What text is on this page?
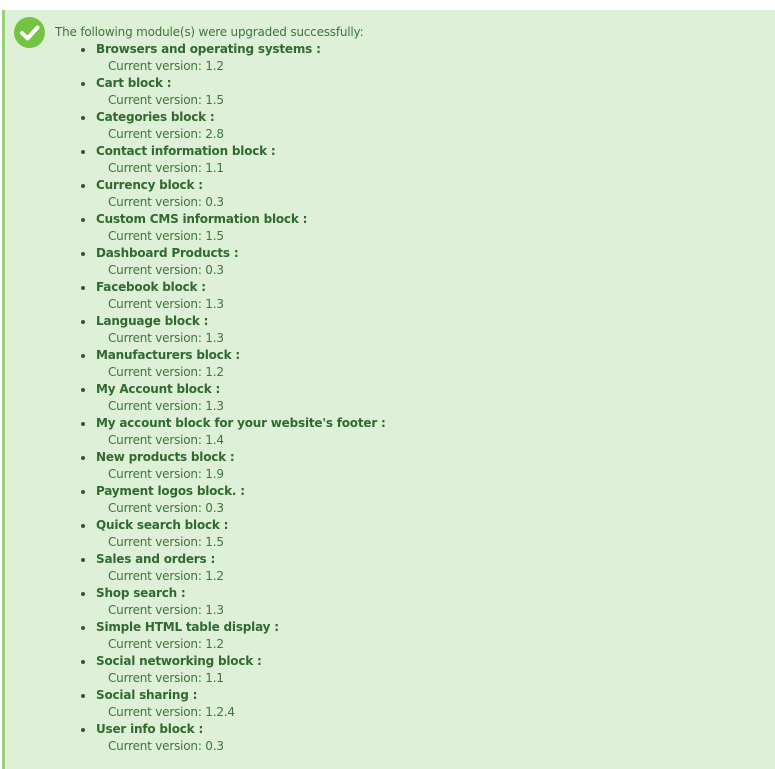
The following module(s) were upgraded successfully:

Browsers and operating systems :
Current version: 1.2
Cart block :
Current version: 1.5
Categories block :
Current version: 2.8
Contact information block :
Current version: 1.1
Currency block :
Current version: 0.3
Custom CMS information block :
Current version: 1.5
Dashboard Products :
Current version: 0.3
Facebook block :
Current version: 1.3
Language block :
Current version: 1.3
Manufacturers block :
Current version: 1.2
My Account block :
Current version: 1.3
My account block for your website's footer :
Current version: 1.4
New products block :
Current version: 1.9
Payment logos block. :
Current version: 0.3
Quick search block :
Current version: 1.5
Sales and orders :
Current version: 1.2
Shop search :
Current version: 1.3
Simple HTML table display :
Current version: 1.2
Social networking block :
Current version: 1.1
Social sharing :
Current version: 1.2.4
User info block :
Current version: 0.3
